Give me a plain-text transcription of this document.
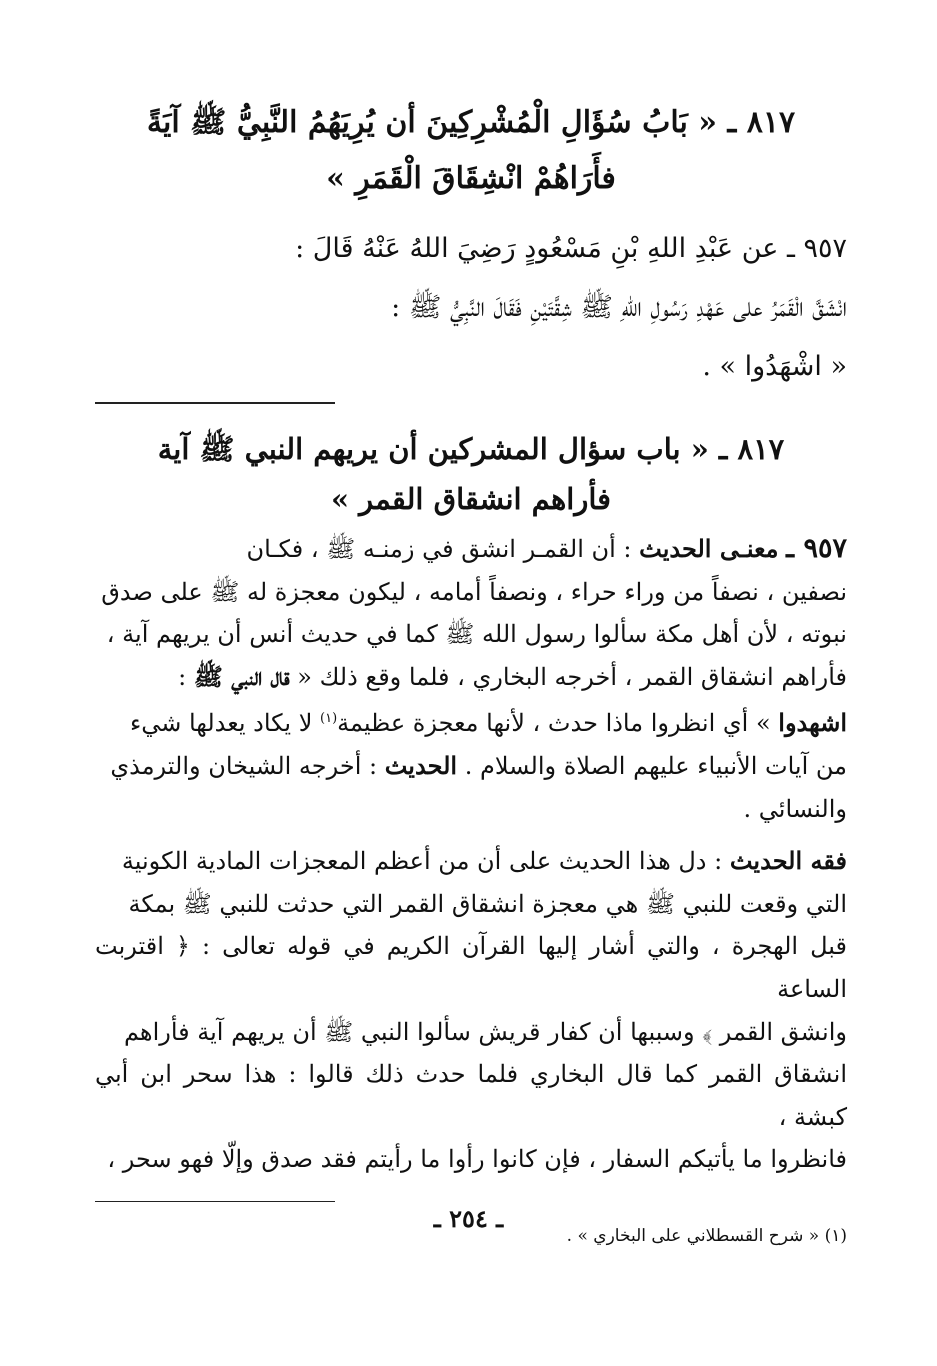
٨١٧ ـ « بَابُ سُؤَالِ الْمُشْرِكِينَ أن يُرِيَهُمُ النَّبِيُّ ﷺ آيَةً
فأَرَاهُمْ انْشِقَاقَ الْقَمَرِ »
٩٥٧ ـ عن عَبْدِ اللهِ بْنِ مَسْعُودٍ رَضِيَ اللهُ عَنْهُ قَالَ :
انْشَقَّ الْقَمَرُ على عَهْدِ رَسُولِ اللهِ ﷺ شِقَّتَيْنِ فَقَالَ النَّبِيُّ ﷺ :
« اشْهَدُوا » .
٨١٧ ـ « باب سؤال المشركين أن يريهم النبي ﷺ آية
فأراهم انشقاق القمر »
٩٥٧ ـ معنـى الحديث : أن القمـر انشق في زمنـه ﷺ ، فكـان
نصفين ، نصفاً من وراء حراء ، ونصفاً أمامه ، ليكون معجزة له ﷺ على صدق
نبوته ، لأن أهل مكة سألوا رسول الله ﷺ كما في حديث أنس أن يريهم آية ،
فأراهم انشقاق القمر ، أخرجه البخاري ، فلما وقع ذلك « قال النبي ﷺ :
اشهدوا » أي انظروا ماذا حدث ، لأنها معجزة عظيمة$^{(١)}$ لا يكاد يعدلها شيء
من آيات الأنبياء عليهم الصلاة والسلام . الحديث : أخرجه الشيخان والترمذي
والنسائي .
فقه الحديث : دل هذا الحديث على أن من أعظم المعجزات المادية الكونية
التي وقعت للنبي ﷺ هي معجزة انشقاق القمر التي حدثت للنبي ﷺ بمكة
قبل الهجرة ، والتي أشار إليها القرآن الكريم في قوله تعالى : ﴿ اقتربت الساعة
وانشق القمر ﴾ وسببها أن كفار قريش سألوا النبي ﷺ أن يريهم آية فأراهم
انشقاق القمر كما قال البخاري فلما حدث ذلك قالوا : هذا سحر ابن أبي كبشة ،
فانظروا ما يأتيكم السفار ، فإن كانوا رأوا ما رأيتم فقد صدق وإلّا فهو سحر ،
(١) « شرح القسطلاني على البخاري » .
ـ ٢٥٤ ـ
